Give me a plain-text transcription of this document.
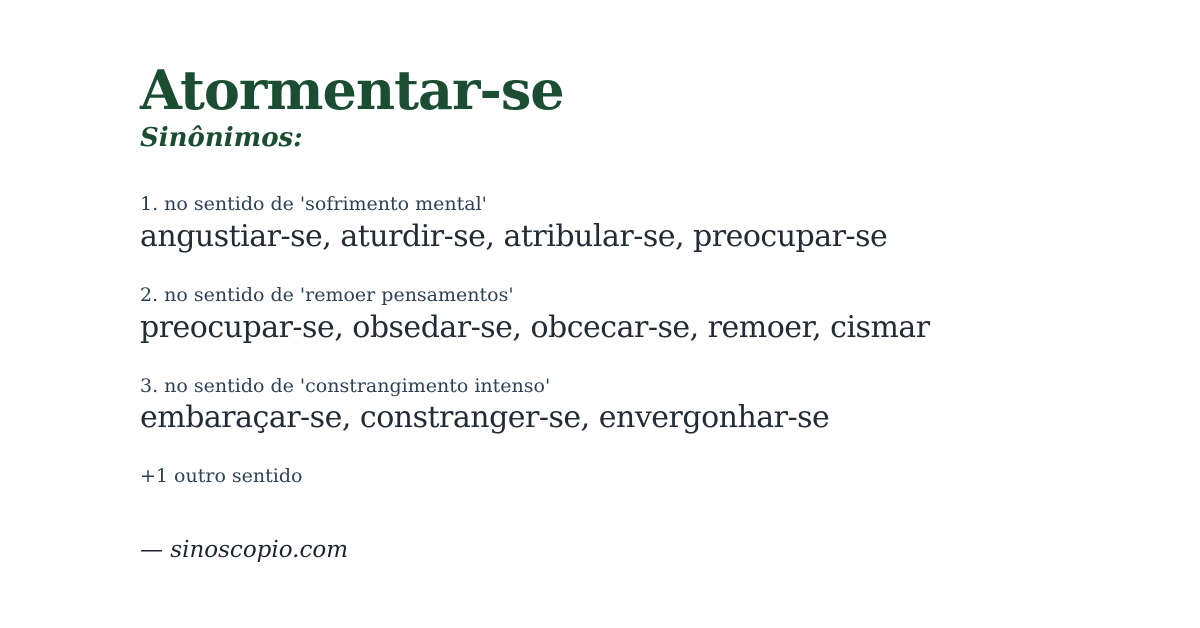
Atormentar-se
Sinônimos:
1. no sentido de 'sofrimento mental'
angustiar-se, aturdir-se, atribular-se, preocupar-se
2. no sentido de 'remoer pensamentos'
preocupar-se, obsedar-se, obcecar-se, remoer, cismar
3. no sentido de 'constrangimento intenso'
embaraçar-se, constranger-se, envergonhar-se
+1 outro sentido
— sinoscopio.com
